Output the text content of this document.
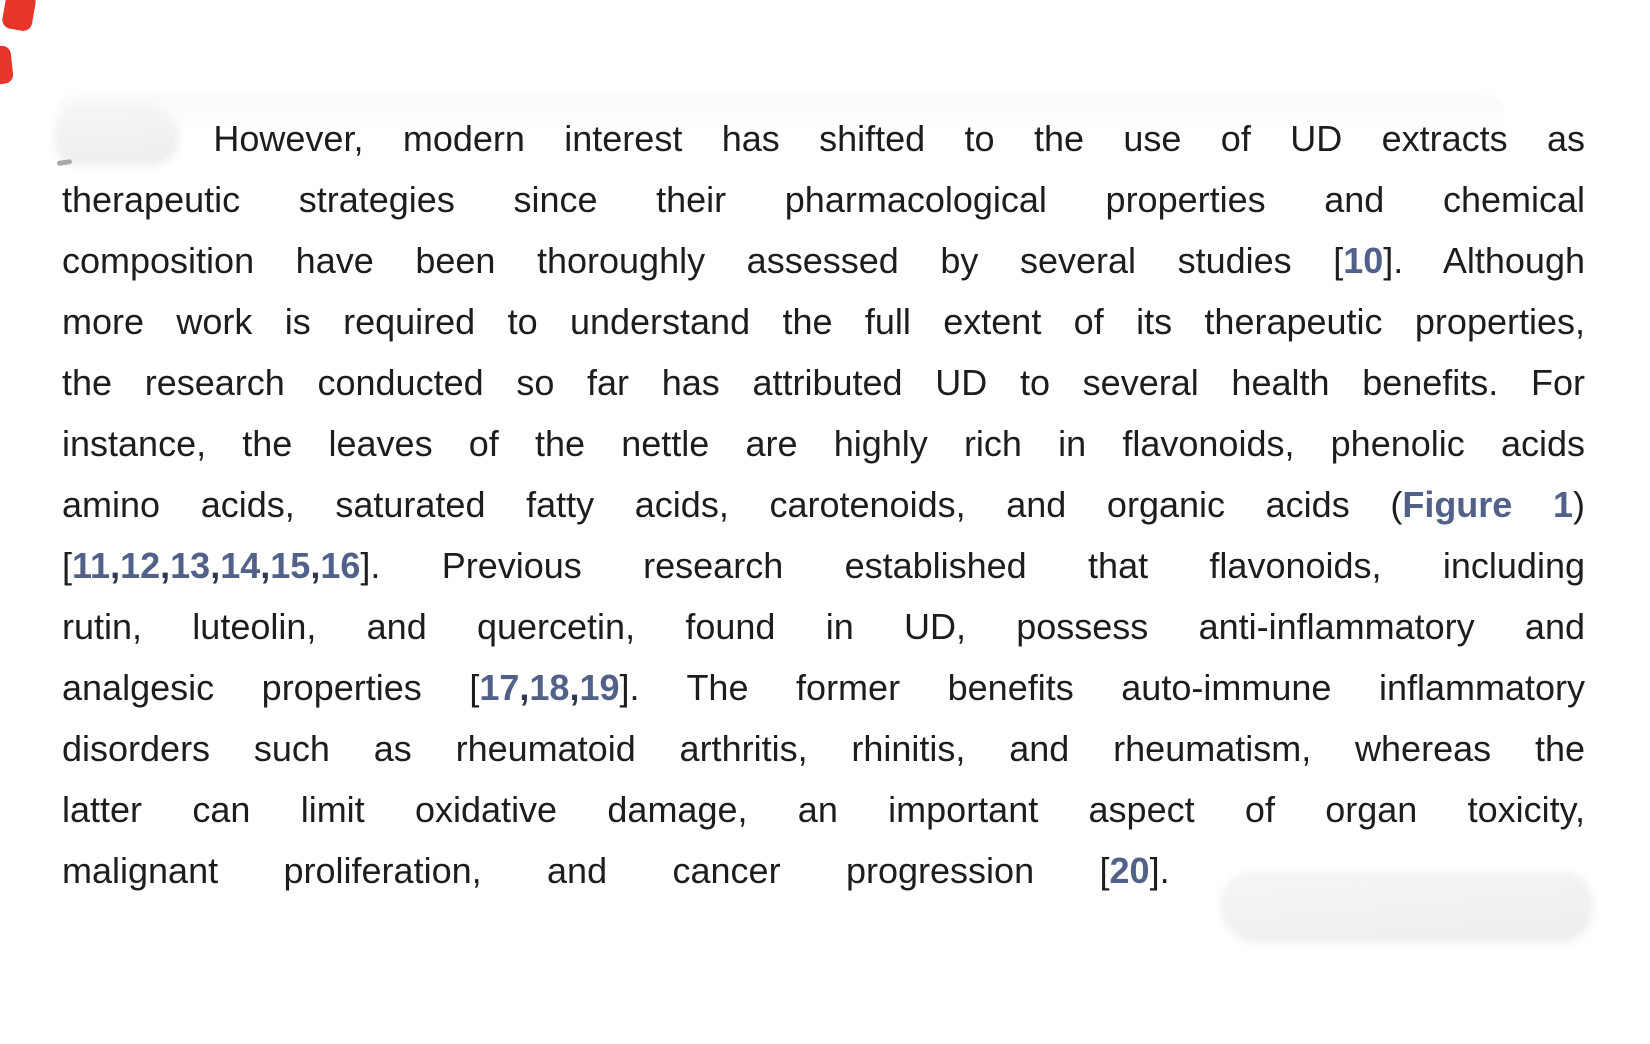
However, modern interest has shifted to the use of UD extracts as
therapeutic strategies since their pharmacological properties and chemical
composition have been thoroughly assessed by several studies [10]. Although
more work is required to understand the full extent of its therapeutic properties,
the research conducted so far has attributed UD to several health benefits. For
instance, the leaves of the nettle are highly rich in flavonoids, phenolic acids
amino acids, saturated fatty acids, carotenoids, and organic acids (Figure 1)
[11,12,13,14,15,16]. Previous research established that flavonoids, including
rutin, luteolin, and quercetin, found in UD, possess anti-inflammatory and
analgesic properties [17,18,19]. The former benefits auto-immune inflammatory
disorders such as rheumatoid arthritis, rhinitis, and rheumatism, whereas the
latter can limit oxidative damage, an important aspect of organ toxicity,
malignant proliferation, and cancer progression [20].
